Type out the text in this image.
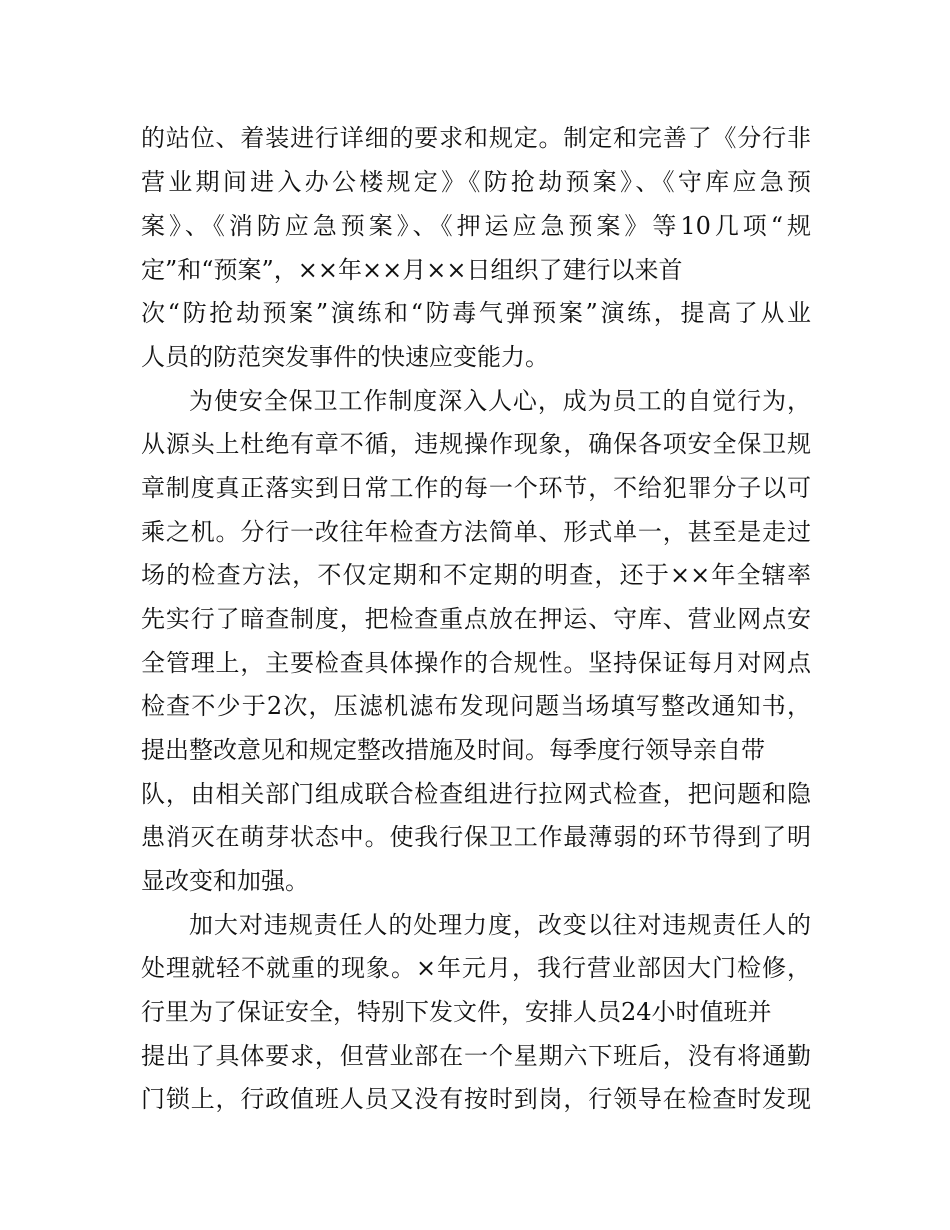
的站位、着装进行详细的要求和规定。制定和完善了《分行非
营业期间进入办公楼规定》《防抢劫预案》、《守库应急预
案》、《消防应急预案》、《押运应急预案》等10几项“规
定”和“预案”，××年××月××日组织了建行以来首
次“防抢劫预案”演练和“防毒气弹预案”演练，提高了从业
人员的防范突发事件的快速应变能力。
为使安全保卫工作制度深入人心，成为员工的自觉行为，
从源头上杜绝有章不循，违规操作现象，确保各项安全保卫规
章制度真正落实到日常工作的每一个环节，不给犯罪分子以可
乘之机。分行一改往年检查方法简单、形式单一，甚至是走过
场的检查方法，不仅定期和不定期的明查，还于××年全辖率
先实行了暗查制度，把检查重点放在押运、守库、营业网点安
全管理上，主要检查具体操作的合规性。坚持保证每月对网点
检查不少于2次，压滤机滤布发现问题当场填写整改通知书，
提出整改意见和规定整改措施及时间。每季度行领导亲自带
队，由相关部门组成联合检查组进行拉网式检查，把问题和隐
患消灭在萌芽状态中。使我行保卫工作最薄弱的环节得到了明
显改变和加强。
加大对违规责任人的处理力度，改变以往对违规责任人的
处理就轻不就重的现象。×年元月，我行营业部因大门检修，
行里为了保证安全，特别下发文件，安排人员24小时值班并
提出了具体要求，但营业部在一个星期六下班后，没有将通勤
门锁上，行政值班人员又没有按时到岗，行领导在检查时发现
